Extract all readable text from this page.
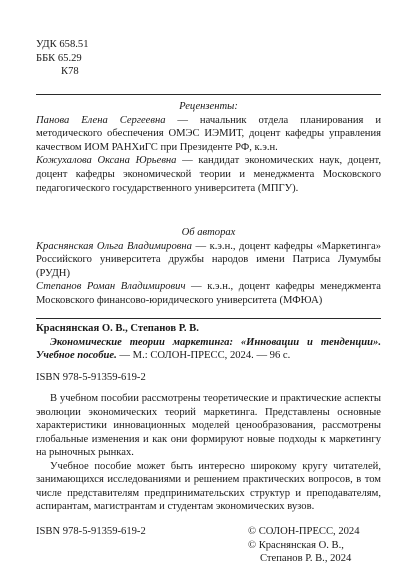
УДК 658.51
ББК 65.29
К78
Рецензенты:

Панова Елена Сергеевна — начальник отдела планирования и методического обеспечения ОМЭС ИЭМИТ, доцент кафедры управления качеством ИОМ РАНХиГС при Президенте РФ, к.э.н.

Кожухалова Оксана Юрьевна — кандидат экономических наук, доцент, доцент кафедры экономической теории и менеджмента Московского педагогического государственного университета (МПГУ).

Об авторах

Краснянская Ольга Владимировна — к.э.н., доцент кафедры «Маркетинга» Российского университета дружбы народов имени Патриса Лумумбы (РУДН)

Степанов Роман Владимирович — к.э.н., доцент кафедры менеджмента Московского финансово-юридического университета (МФЮА)

Краснянская О. В., Степанов Р. В.

Экономические теории маркетинга: «Инновации и тенденции». Учебное пособие. — М.: СОЛОН-ПРЕСС, 2024. — 96 с.

ISBN 978-5-91359-619-2

В учебном пособии рассмотрены теоретические и практические аспекты эволюции экономических теорий маркетинга. Представлены основные характеристики инновационных моделей ценообразования, рассмотрены глобальные изменения и как они формируют новые подходы к маркетингу на рыночных рынках.

Учебное пособие может быть интересно широкому кругу читателей, занимающихся исследованиями и решением практических вопросов, в том числе представителям предпринимательских структур и преподавателям, аспирантам, магистрантам и студентам экономических вузов.

ISBN 978-5-91359-619-2	© СОЛОН-ПРЕСС, 2024
© Краснянская О. В.,
Степанов Р. В., 2024
